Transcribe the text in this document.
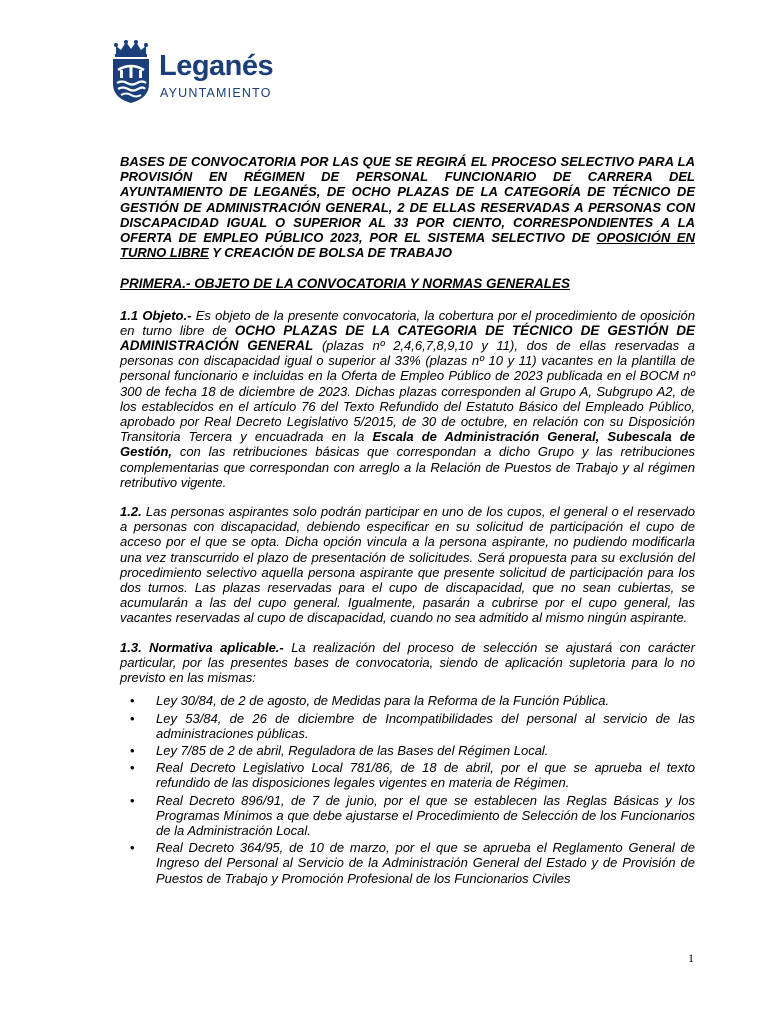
Leganés
AYUNTAMIENTO
BASES DE CONVOCATORIA POR LAS QUE SE REGIRÁ EL PROCESO SELECTIVO PARA LA PROVISIÓN EN RÉGIMEN DE PERSONAL FUNCIONARIO DE CARRERA DEL AYUNTAMIENTO DE LEGANÉS, DE OCHO PLAZAS DE LA CATEGORÍA DE TÉCNICO DE GESTIÓN DE ADMINISTRACIÓN GENERAL, 2 DE ELLAS RESERVADAS A PERSONAS CON DISCAPACIDAD IGUAL O SUPERIOR AL 33 POR CIENTO, CORRESPONDIENTES A LA OFERTA DE EMPLEO PÚBLICO 2023, POR EL SISTEMA SELECTIVO DE OPOSICIÓN EN TURNO LIBRE Y CREACIÓN DE BOLSA DE TRABAJO
PRIMERA.- OBJETO DE LA CONVOCATORIA Y NORMAS GENERALES

1.1 Objeto.- Es objeto de la presente convocatoria, la cobertura por el procedimiento de oposición en turno libre de OCHO PLAZAS DE LA CATEGORIA DE TÉCNICO DE GESTIÓN DE ADMINISTRACIÓN GENERAL (plazas nº 2,4,6,7,8,9,10 y 11), dos de ellas reservadas a personas con discapacidad igual o superior al 33% (plazas nº 10 y 11) vacantes en la plantilla de personal funcionario e incluidas en la Oferta de Empleo Público de 2023 publicada en el BOCM nº 300 de fecha 18 de diciembre de 2023. Dichas plazas corresponden al Grupo A, Subgrupo A2, de los establecidos en el artículo 76 del Texto Refundido del Estatuto Básico del Empleado Público, aprobado por Real Decreto Legislativo 5/2015, de 30 de octubre, en relación con su Disposición Transitoria Tercera y encuadrada en la Escala de Administración General, Subescala de Gestión, con las retribuciones básicas que correspondan a dicho Grupo y las retribuciones complementarias que correspondan con arreglo a la Relación de Puestos de Trabajo y al régimen retributivo vigente.

1.2. Las personas aspirantes solo podrán participar en uno de los cupos, el general o el reservado a personas con discapacidad, debiendo especificar en su solicitud de participación el cupo de acceso por el que se opta. Dicha opción vincula a la persona aspirante, no pudiendo modificarla una vez transcurrido el plazo de presentación de solicitudes. Será propuesta para su exclusión del procedimiento selectivo aquella persona aspirante que presente solicitud de participación para los dos turnos. Las plazas reservadas para el cupo de discapacidad, que no sean cubiertas, se acumularán a las del cupo general. Igualmente, pasarán a cubrirse por el cupo general, las vacantes reservadas al cupo de discapacidad, cuando no sea admitido al mismo ningún aspirante.

1.3. Normativa aplicable.- La realización del proceso de selección se ajustará con carácter particular, por las presentes bases de convocatoria, siendo de aplicación supletoria para lo no previsto en las mismas:

• Ley 30/84, de 2 de agosto, de Medidas para la Reforma de la Función Pública.
• Ley 53/84, de 26 de diciembre de Incompatibilidades del personal al servicio de las administraciones públicas.
• Ley 7/85 de 2 de abril, Reguladora de las Bases del Régimen Local.
• Real Decreto Legislativo Local 781/86, de 18 de abril, por el que se aprueba el texto refundido de las disposiciones legales vigentes en materia de Régimen.
• Real Decreto 896/91, de 7 de junio, por el que se establecen las Reglas Básicas y los Programas Mínimos a que debe ajustarse el Procedimiento de Selección de los Funcionarios de la Administración Local.
• Real Decreto 364/95, de 10 de marzo, por el que se aprueba el Reglamento General de Ingreso del Personal al Servicio de la Administración General del Estado y de Provisión de Puestos de Trabajo y Promoción Profesional de los Funcionarios Civiles
1
